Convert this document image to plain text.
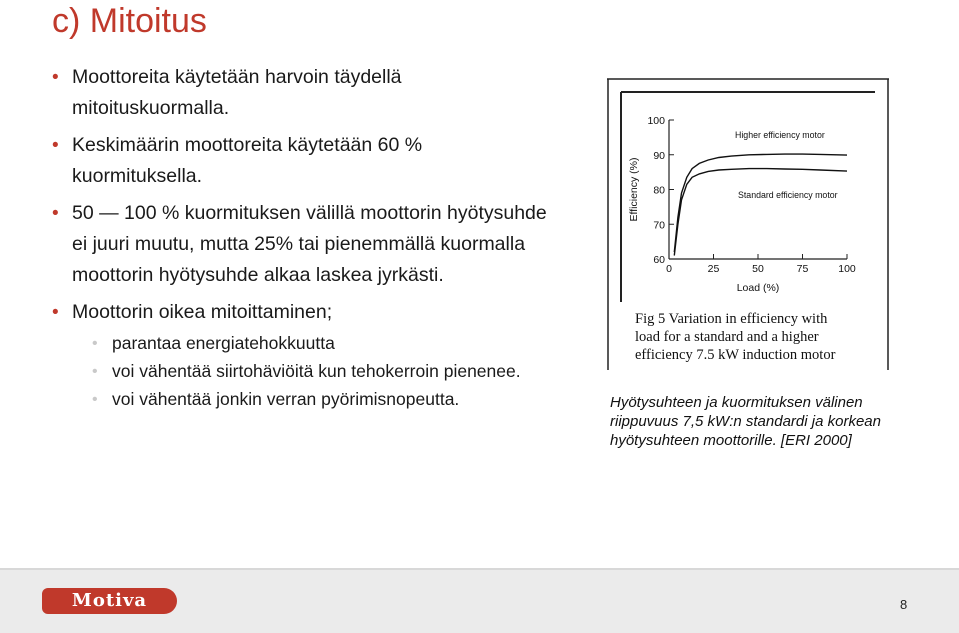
c) Mitoitus
• Moottoreita käytetään harvoin täydellä mitoituskuormalla.
• Keskimäärin moottoreita käytetään 60 % kuormituksella.
• 50 — 100 % kuormituksen välillä moottorin hyötysuhde ei juuri muutu, mutta 25% tai pienemmällä kuormalla moottorin hyötysuhde alkaa laskea jyrkästi.
• Moottorin oikea mitoittaminen;
• parantaa energiatehokkuutta
• voi vähentää siirtohäviöitä kun tehokerroin pienenee.
• voi vähentää jonkin verran pyörimisnopeutta.
60
70
80
90
100
0	25	50	75	100
Load (%)
Efficiency (%)
Higher efficiency motor
Standard efficiency motor
Fig 5 Variation in efficiency with
load for a standard and a higher
efficiency 7.5 kW induction motor
Hyötysuhteen ja kuormituksen välinen riippuvuus 7,5 kW:n standardi ja korkean hyötysuhteen moottorille. [ERI 2000]
Motiva	8
